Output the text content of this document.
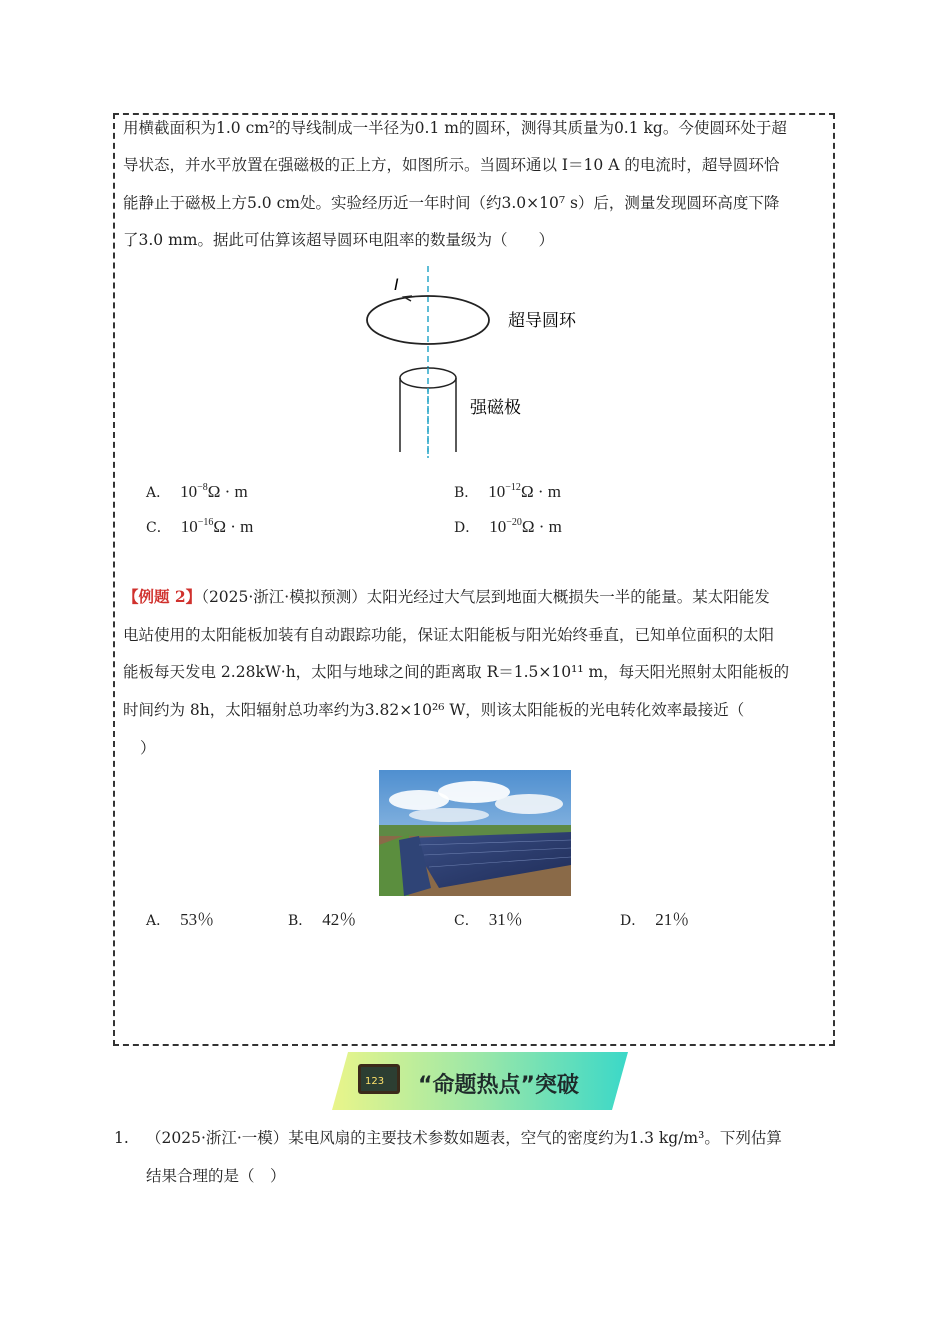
用横截面积为1.0 cm²的导线制成一半径为0.1 m的圆环，测得其质量为0.1 kg。今使圆环处于超
导状态，并水平放置在强磁极的正上方，如图所示。当圆环通以 I＝10 A 的电流时，超导圆环恰
能静止于磁极上方5.0 cm处。实验经历近一年时间（约3.0×10⁷ s）后，测量发现圆环高度下降
了3.0 mm。据此可估算该超导圆环电阻率的数量级为（　　）
I
超导圆环
强磁极
A． $10^{-8}\Omega \cdot m$	B． $10^{-12}\Omega \cdot m$
C． $10^{-16}\Omega \cdot m$	D． $10^{-20}\Omega \cdot m$
【例题 2】（2025·浙江·模拟预测）太阳光经过大气层到地面大概损失一半的能量。某太阳能发
电站使用的太阳能板加装有自动跟踪功能，保证太阳能板与阳光始终垂直，已知单位面积的太阳
能板每天发电 2.28kW·h，太阳与地球之间的距离取 R＝1.5×10¹¹ m，每天阳光照射太阳能板的
时间约为 8h，太阳辐射总功率约为3.82×10²⁶ W，则该太阳能板的光电转化效率最接近（
）
A． 53％	B． 42％	C． 31％	D． 21％
123 “命题热点”突破
1. （2025·浙江·一模）某电风扇的主要技术参数如题表，空气的密度约为1.3 kg/m³。下列估算
结果合理的是（　）
